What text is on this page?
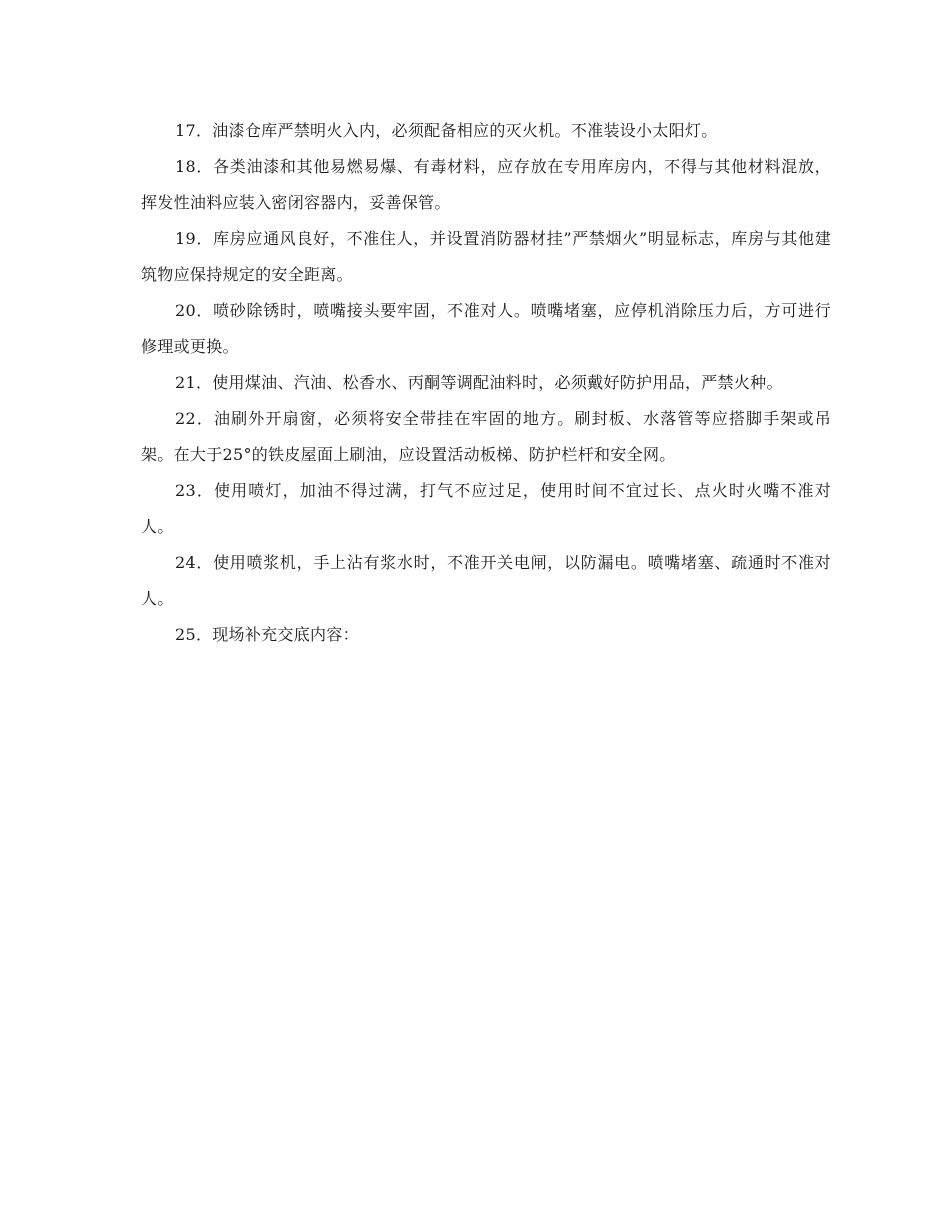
17．油漆仓库严禁明火入内，必须配备相应的灭火机。不准装设小太阳灯。

18．各类油漆和其他易燃易爆、有毒材料，应存放在专用库房内，不得与其他材料混放，挥发性油料应装入密闭容器内，妥善保管。

19．库房应通风良好，不准住人，并设置消防器材挂”严禁烟火”明显标志，库房与其他建筑物应保持规定的安全距离。

20．喷砂除锈时，喷嘴接头要牢固，不准对人。喷嘴堵塞，应停机消除压力后，方可进行修理或更换。

21．使用煤油、汽油、松香水、丙酮等调配油料时，必须戴好防护用品，严禁火种。

22．油刷外开扇窗，必须将安全带挂在牢固的地方。刷封板、水落管等应搭脚手架或吊架。在大于25°的铁皮屋面上刷油，应设置活动板梯、防护栏杆和安全网。

23．使用喷灯，加油不得过满，打气不应过足，使用时间不宜过长、点火时火嘴不准对人。

24．使用喷浆机，手上沾有浆水时，不准开关电闸，以防漏电。喷嘴堵塞、疏通时不准对人。

25．现场补充交底内容：
